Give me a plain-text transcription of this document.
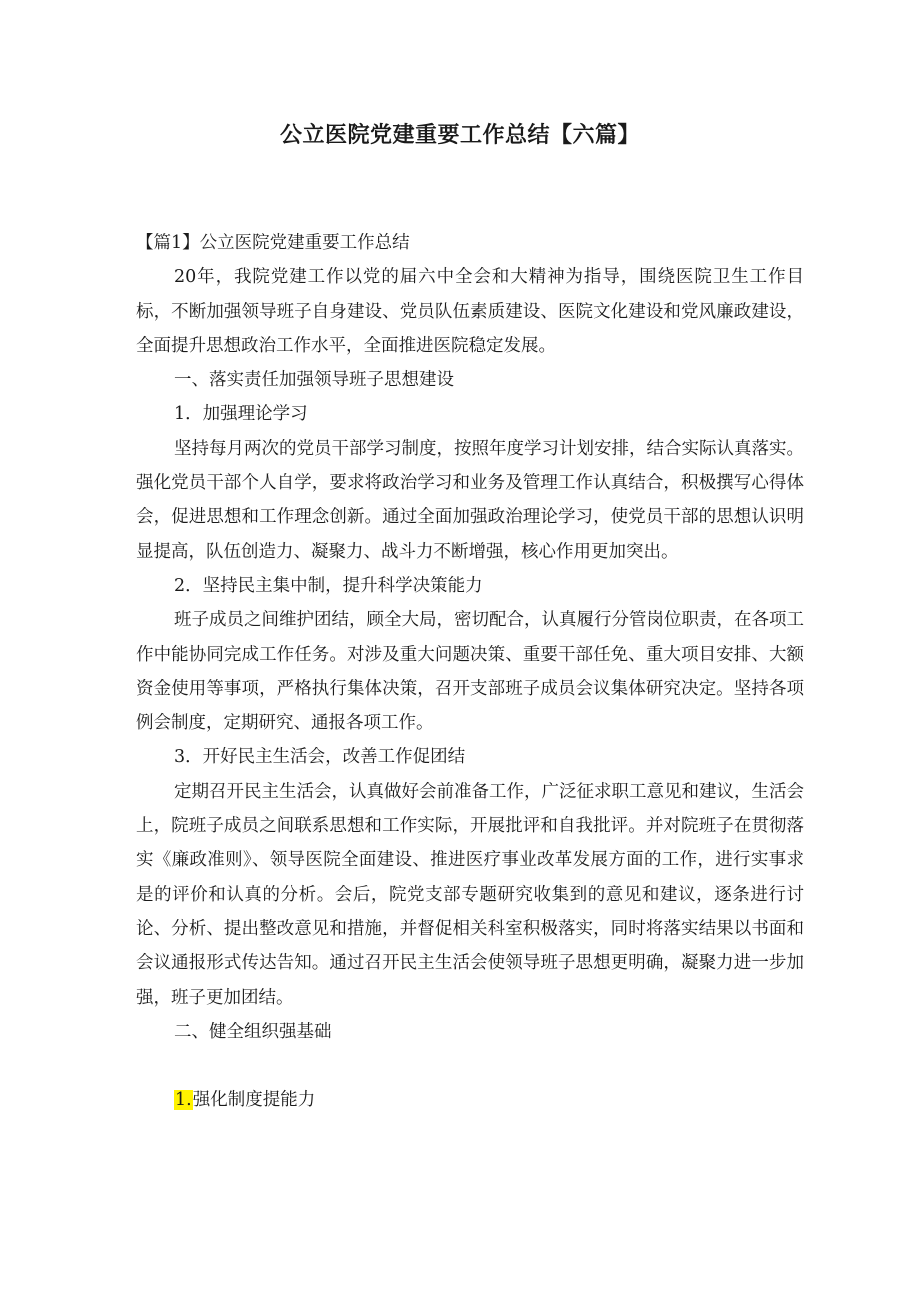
公立医院党建重要工作总结【六篇】

【篇1】公立医院党建重要工作总结

20年，我院党建工作以党的届六中全会和大精神为指导，围绕医院卫生工作目标，不断加强领导班子自身建设、党员队伍素质建设、医院文化建设和党风廉政建设，全面提升思想政治工作水平，全面推进医院稳定发展。

一、落实责任加强领导班子思想建设

1．加强理论学习

坚持每月两次的党员干部学习制度，按照年度学习计划安排，结合实际认真落实。强化党员干部个人自学，要求将政治学习和业务及管理工作认真结合，积极撰写心得体会，促进思想和工作理念创新。通过全面加强政治理论学习，使党员干部的思想认识明显提高，队伍创造力、凝聚力、战斗力不断增强，核心作用更加突出。

2．坚持民主集中制，提升科学决策能力

班子成员之间维护团结，顾全大局，密切配合，认真履行分管岗位职责，在各项工作中能协同完成工作任务。对涉及重大问题决策、重要干部任免、重大项目安排、大额资金使用等事项，严格执行集体决策，召开支部班子成员会议集体研究决定。坚持各项例会制度，定期研究、通报各项工作。

3．开好民主生活会，改善工作促团结

定期召开民主生活会，认真做好会前准备工作，广泛征求职工意见和建议，生活会上，院班子成员之间联系思想和工作实际，开展批评和自我批评。并对院班子在贯彻落实《廉政准则》、领导医院全面建设、推进医疗事业改革发展方面的工作，进行实事求是的评价和认真的分析。会后，院党支部专题研究收集到的意见和建议，逐条进行讨论、分析、提出整改意见和措施，并督促相关科室积极落实，同时将落实结果以书面和会议通报形式传达告知。通过召开民主生活会使领导班子思想更明确，凝聚力进一步加强，班子更加团结。

二、健全组织强基础

1.强化制度提能力
